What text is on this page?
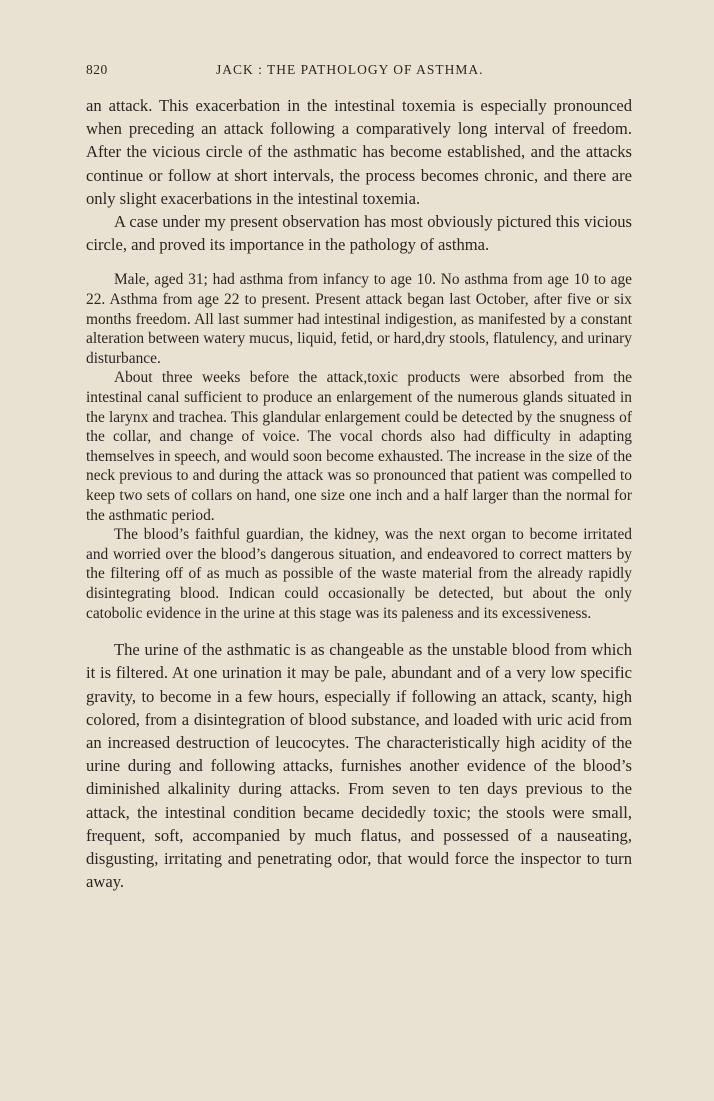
820	JACK : THE PATHOLOGY OF ASTHMA.

an attack. This exacerbation in the intestinal toxemia is especially pronounced when preceding an attack following a comparatively long interval of freedom. After the vicious circle of the asthmatic has become established, and the attacks continue or follow at short intervals, the process becomes chronic, and there are only slight exacerbations in the intestinal toxemia.

A case under my present observation has most obviously pictured this vicious circle, and proved its importance in the pathology of asthma.

Male, aged 31; had asthma from infancy to age 10. No asthma from age 10 to age 22. Asthma from age 22 to present. Present attack began last October, after five or six months freedom. All last summer had intestinal indigestion, as manifested by a constant alteration between watery mucus, liquid, fetid, or hard,dry stools, flatulency, and urinary disturbance.

About three weeks before the attack,toxic products were absorbed from the intestinal canal sufficient to produce an enlargement of the numerous glands situated in the larynx and trachea. This glandular enlargement could be detected by the snugness of the collar, and change of voice. The vocal chords also had difficulty in adapting themselves in speech, and would soon become exhausted. The increase in the size of the neck previous to and during the attack was so pronounced that patient was compelled to keep two sets of collars on hand, one size one inch and a half larger than the normal for the asthmatic period.

The blood’s faithful guardian, the kidney, was the next organ to become irritated and worried over the blood’s dangerous situation, and endeavored to correct matters by the filtering off of as much as possible of the waste material from the already rapidly disintegrating blood. Indican could occasionally be detected, but about the only catobolic evidence in the urine at this stage was its paleness and its excessiveness.

The urine of the asthmatic is as changeable as the unstable blood from which it is filtered. At one urination it may be pale, abundant and of a very low specific gravity, to become in a few hours, especially if following an attack, scanty, high colored, from a disintegration of blood substance, and loaded with uric acid from an increased destruction of leucocytes. The characteristically high acidity of the urine during and following attacks, furnishes another evidence of the blood’s diminished alkalinity during attacks. From seven to ten days previous to the attack, the intestinal condition became decidedly toxic; the stools were small, frequent, soft, accompanied by much flatus, and possessed of a nauseating, disgusting, irritating and penetrating odor, that would force the inspector to turn away.
